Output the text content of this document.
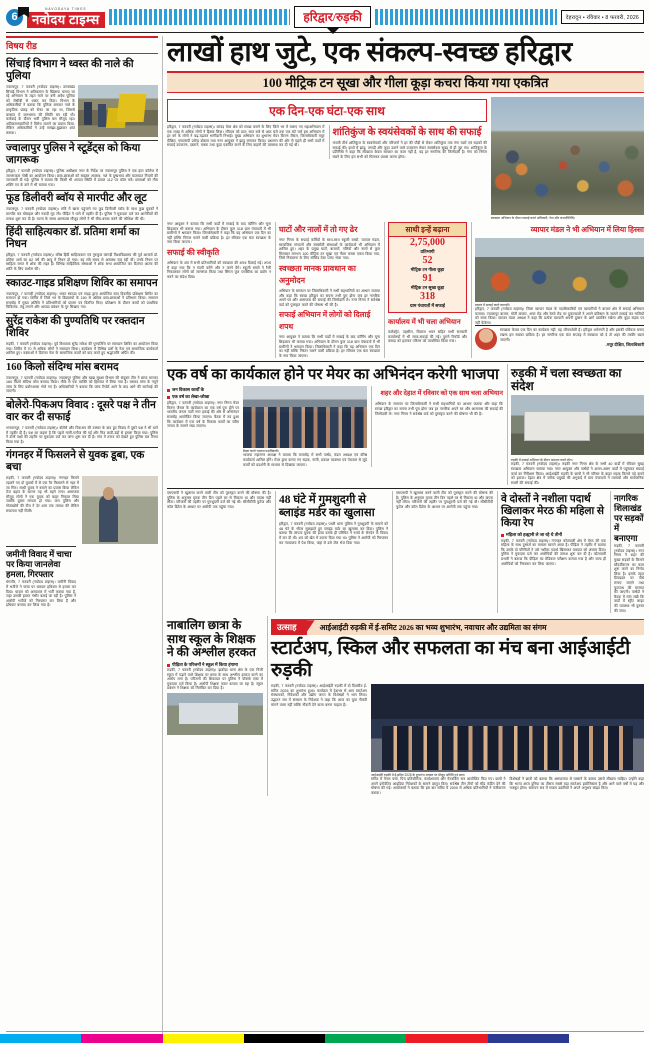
6
NAVODAYA TIMES
नवोदय टाइम्स	हरिद्वार/रुड़की	देहरादून • रविवार • 8 फरवरी, 2026
विषय रीड
सिंचाई विभाग ने ध्वस्त की नाले की पुलिया
ज्वालापुर, 7 फरवरी (नवोदय टाइम्स)। उत्तराखंड सिंचाई विभाग ने अतिक्रमण के खिलाफ चलाए जा रहे अभियान के तहत नाले पर बनी अवैध पुलिया को जेसीबी से ध्वस्त कर दिया। विभाग के अधिकारियों ने बताया कि पुलिया बनाकर नाले के प्राकृतिक प्रवाह को रोका जा रहा था, जिससे बरसात में जलभराव की स्थिति बन रही थी। कार्रवाई के दौरान भारी पुलिस बल मौजूद रहा। अतिक्रमणकारियों ने विरोध जताने का प्रयास किया, लेकिन अधिकारियों ने उन्हें समझा-बुझाकर शांत कराया।
ज्वालापुर पुलिस ने स्टूडेंट्स को किया जागरूक
हरिद्वार, 7 फरवरी (नवोदय टाइम्स)। पुलिस अधीक्षक नगर के निर्देश पर ज्वालापुर पुलिस ने एक इंटर कॉलेज में जागरूकता गोष्ठी का आयोजन किया। छात्र-छात्राओं को साइबर अपराध, नशे के दुष्प्रभाव और यातायात नियमों की जानकारी दी गई। पुलिस ने बताया कि किसी भी आपात स्थिति में डायल 112 पर कॉल करें। छात्राओं को गौरा शक्ति एप के बारे में भी बताया गया।
फूड डिलीवरी ब्वॉय से मारपीट और लूट
ज्वालापुर, 7 फरवरी (नवोदय टाइम्स)। रात्रि में खाना पहुंचाने गए फूड डिलीवरी ब्वॉय के साथ कुछ युवकों ने मारपीट कर मोबाइल और नकदी लूट ली। पीड़ित ने थाने में तहरीर दी है। पुलिस ने मुकदमा दर्ज कर आरोपियों की तलाश शुरू कर दी है। घटना के समय आसपास मौजूद लोगों ने भी बीच-बचाव करने की कोशिश की थी।
हिंदी साहित्यकार डॉ. प्रतिमा शर्मा का निधन
हरिद्वार, 7 फरवरी (नवोदय टाइम्स)। वरिष्ठ हिंदी साहित्यकार एवं गुरुकुल कांगड़ी विश्वविद्यालय की पूर्व आचार्य डॉ. प्रतिमा शर्मा का 82 वर्ष की आयु में निधन हो गया। वह लंबे समय से अस्वस्थ चल रही थीं। उनके निधन पर साहित्य जगत में शोक की लहर है। विभिन्न साहित्यिक संस्थाओं ने शोक सभा आयोजित कर दिवंगत आत्मा की शांति के लिए प्रार्थना की।
स्काउट-गाइड प्रशिक्षण शिविर का समापन
ज्वालापुर, 7 फरवरी (नवोदय टाइम्स)। भारत स्काउट एवं गाइड द्वारा आयोजित सात दिवसीय प्रशिक्षण शिविर का समापन हो गया। शिविर में जिले भर के विद्यालयों के 150 से अधिक छात्र-छात्राओं ने प्रतिभाग किया। समापन समारोह में मुख्य अतिथि ने प्रतिभागियों को प्रमाण पत्र वितरित किए। प्रशिक्षण के दौरान बच्चों को प्राथमिक चिकित्सा, तंबू लगाने और आपदा प्रबंधन के गुर सिखाए गए।
सुरेंद्र राकेश की पुण्यतिथि पर रक्तदान शिविर
रुड़की, 7 फरवरी (नवोदय टाइम्स)। पूर्व विधायक सुरेंद्र राकेश की पुण्यतिथि पर रक्तदान शिविर का आयोजन किया गया। शिविर में 70 से अधिक लोगों ने रक्तदान किया। कार्यक्रम में विभिन्न दलों के नेता एवं सामाजिक कार्यकर्ता शामिल हुए। वक्ताओं ने दिवंगत नेता के सामाजिक कार्यों को याद करते हुए श्रद्धांजलि अर्पित की।
160 किलो संदिग्ध मांस बरामद
ज्वालापुर, 7 फरवरी (नवोदय टाइम्स)। ज्वालापुर पुलिस और खाद्य सुरक्षा विभाग की संयुक्त टीम ने छापा मारकर 160 किलो संदिग्ध मांस बरामद किया। मौके से एक व्यक्ति को हिरासत में लिया गया है। बरामद मांस के नमूने जांच के लिए प्रयोगशाला भेजे गए हैं। अधिकारियों ने बताया कि जांच रिपोर्ट आने के बाद आगे की कार्रवाई की जाएगी।
बोलेरो-पिकअप विवाद : दूसरे पक्ष ने तीन वार कर दी सफाई
भगवानपुर, 7 फरवरी (नवोदय टाइम्स)। बोलेरो और पिकअप की टक्कर के बाद हुए विवाद में दूसरे पक्ष ने भी थाने में तहरीर दी है। पक्ष का कहना है कि पहले गाली-गलौज की गई और फिर लाठी-डंडों से हमला किया गया। पुलिस ने दोनों पक्षों की तहरीर पर मुकदमा दर्ज कर जांच शुरू कर दी है। गांव में तनाव को देखते हुए पुलिस बल तैनात किया गया है।
गंगनहर में फिसलने से युवक डूबा, एक बचा
रुड़की, 7 फरवरी (नवोदय टाइम्स)। गंगनहर किनारे टहलने गए दो युवकों में से एक पैर फिसलने से नहर में जा गिरा। साथी युवक ने बचाने का प्रयास किया लेकिन तेज बहाव के कारण वह भी बहने लगा। आसपास मौजूद लोगों ने एक युवक को बाहर निकाल लिया जबकि दूसरा लापता हो गया। जल पुलिस और गोताखोरों की टीम ने देर शाम तक तलाश की लेकिन सफलता नहीं मिली।
जमीनी विवाद में चाचा पर किया जानलेवा हमला, गिरफ्तार
मंगलौर, 7 फरवरी (नवोदय टाइम्स)। जमीनी विवाद में भतीजे ने चाचा पर धारदार हथियार से हमला कर दिया। घायल को अस्पताल में भर्ती कराया गया है, जहां उसकी हालत गंभीर बताई जा रही है। पुलिस ने आरोपी भतीजे को गिरफ्तार कर लिया है और हथियार बरामद कर लिया गया है।
लाखों हाथ जुटे, एक संकल्प-स्वच्छ हरिद्वार
100 मीट्रिक टन सूखा और गीला कूड़ा कचरा किया गया एकत्रित
एक दिन-एक घंटा-एक साथ
हरिद्वार, 7 फरवरी (नवोदय टाइम्स)। कांवड़ मेला क्षेत्र को स्वच्छ बनाने के लिए जिले भर में चलाए गए महाअभियान में एक लाख से अधिक लोगों ने हिस्सा लिया। रविवार को प्रात: सात बजे से आठ बजे तक एक घंटे चले इस अभियान में हर वर्ग के लोगों ने बढ़-चढ़कर भागीदारी निभाई। मुख्य अभियान का शुभारंभ मेयर किरण जैसल, जिलाधिकारी मयूर दीक्षित, एसएसपी प्रमेन्द्र डोबाल तथा नगर आयुक्त ने झाड़ू लगाकर किया। प्रशासन की ओर से पहले ही सभी वार्डों में सफाई उपकरण, दस्ताने, मास्क तथा कूड़ा एकत्रित करने के लिए वाहनों की व्यवस्था कर दी गई थी।
शांतिकुंज के स्वयंसेवकों के साथ की सफाई
गायत्री तीर्थ शांतिकुंज के स्वयंसेवकों और परिजनों ने हर की पौड़ी से लेकर शांतिकुंज तक गंगा घाटों एवं सड़कों की सफाई की। हाथों में झाड़ू, तगाड़ी और कूड़ा उठाने वाले उपकरण लेकर स्वयंसेवक सुबह से ही जुट गए। शांतिकुंज के प्रतिनिधि ने कहा कि स्वच्छता केवल सरकार का काम नहीं है, यह हर नागरिक की जिम्मेदारी है। गंगा को निर्मल रखने के लिए हम सभी को मिलकर प्रयास करना होगा।
स्वच्छता अभियान के दौरान सफाई करते अधिकारी, नेता और जनप्रतिनिधि।
नगर आयुक्त ने बताया कि सभी वार्डों में सफाई के बाद फॉगिंग और चूना छिड़काव भी कराया गया। अभियान के दौरान कुल 318 ग्राम पंचायतों में भी ग्रामीणों ने श्रमदान किया। जिलाधिकारी ने कहा कि यह अभियान एक दिन का नहीं बल्कि निरंतर चलने वाली प्रक्रिया है। हर रविवार एक घंटा स्वच्छता के नाम किया जाएगा।
सफाई की स्वीकृति
अभियान के अंत में सभी प्रतिभागियों को स्वच्छता की शपथ दिलाई गई। शपथ में कहा गया कि न गंदगी करेंगे और न करने देंगे। स्कूली बच्चों ने रैली निकालकर लोगों को जागरूक किया तथा सिंगल यूज प्लास्टिक का प्रयोग न करने का संदेश दिया।
घाटों और नालों में तो गए ढेर
नगर निगम के सफाई कर्मियों के साथ-साथ स्कूली बच्चों, व्यापार मंडल, सामाजिक संगठनों और स्वयंसेवी संस्थाओं के कार्यकर्ता भी अभियान में शामिल हुए। शहर के प्रमुख घाटों, बाजारों, गलियों और नालों से कुल मिलाकर लगभग 100 मीट्रिक टन सूखा एवं गीला कचरा एकत्र किया गया, जिसे निस्तारण के लिए सॉलिड वेस्ट प्लांट भेजा गया।
स्वच्छता मानक प्रावधान का अनुमोदन
अभियान के समापन पर जिलाधिकारी ने सभी सहभागियों का आभार जताया और कहा कि स्वच्छ हरिद्वार का सपना तभी पूरा होगा जब हर नागरिक अपने घर और आसपास की सफाई की जिम्मेदारी ले। नगर निगम ने सर्वश्रेष्ठ वार्ड को पुरस्कृत करने की घोषणा भी की है।
सफाई अभियान में लोगों को दिलाई शपथ
नगर आयुक्त ने बताया कि सभी वार्डों में सफाई के बाद फॉगिंग और चूना छिड़काव भी कराया गया। अभियान के दौरान कुल 318 ग्राम पंचायतों में भी ग्रामीणों ने श्रमदान किया। जिलाधिकारी ने कहा कि यह अभियान एक दिन का नहीं बल्कि निरंतर चलने वाली प्रक्रिया है। हर रविवार एक घंटा स्वच्छता के नाम किया जाएगा।
साथी इन्हें बढ़ाना
2,75,000
प्रतिभागी
52
मीट्रिक टन गीला कूड़ा
91
मीट्रिक टन सूखा कूड़ा
318
ग्राम पंचायतों में सफाई
कार्यालय में भी चला अभियान
कलेक्ट्रेट, तहसील, विकास भवन सहित सभी सरकारी कार्यालयों में भी साफ-सफाई की गई। पुराने रिकॉर्ड और कबाड़ को हटाकर परिसर को व्यवस्थित किया गया।
व्यापार मंडल ने भी अभियान में लिया हिस्सा
बाजार में सफाई करते व्यापारी।
हरिद्वार, 7 फरवरी (नवोदय टाइम्स)। जिला व्यापार मंडल के पदाधिकारियों एवं व्यापारियों ने बाजार क्षेत्र में सफाई अभियान चलाया। ज्वालापुर बाजार, मोती बाजार, अपर रोड और रेलवे रोड पर दुकानदारों ने अपने प्रतिष्ठान के सामने सफाई कर नालियों को साफ किया। व्यापार मंडल अध्यक्ष ने कहा कि प्रत्येक व्यापारी अपनी दुकान के आगे डस्टबिन रखेगा और कूड़ा सड़क पर नहीं फेंकेगा।
स्वच्छता केवल एक दिन का कार्यक्रम नहीं, यह जीवनशैली है। हरिद्वार धर्मनगरी है और इसकी पवित्रता बनाए रखना हम सबका दायित्व है। हर नागरिक एक घंटा सप्ताह में स्वच्छता को दे तो शहर की तस्वीर बदल जाएगी।
-मयूर दीक्षित, जिलाधिकारी
एक वर्ष का कार्यकाल होने पर मेयर का अभिनंदन करेगी भाजपा
जन विकास कार्यों के
एक वर्ष का लेखा-जोखा
हरिद्वार, 7 फरवरी (नवोदय टाइम्स)। नगर निगम मेयर किरण जैसल के कार्यकाल का एक वर्ष पूरा होने पर भारतीय जनता पार्टी नगर इकाई की ओर से अभिनंदन समारोह आयोजित किया जाएगा। बैठक में तय हुआ कि कार्यक्रम में एक वर्ष के विकास कार्यों का ब्यौरा जनता के सामने रखा जाएगा।
बैठक करते भाजपा पदाधिकारी।
भाजपा महानगर अध्यक्ष ने बताया कि समारोह में सभी पार्षद, मंडल अध्यक्ष एवं वरिष्ठ कार्यकर्ता शामिल होंगे। मेयर द्वारा कराए गए सड़क, नाली, प्रकाश व्यवस्था एवं पेयजल से जुड़े कार्यों को प्रदर्शनी के माध्यम से दिखाया जाएगा।
शहर और देहात में रविवार को एक साथ चला अभियान
अभियान के समापन पर जिलाधिकारी ने सभी सहभागियों का आभार जताया और कहा कि स्वच्छ हरिद्वार का सपना तभी पूरा होगा जब हर नागरिक अपने घर और आसपास की सफाई की जिम्मेदारी ले। नगर निगम ने सर्वश्रेष्ठ वार्ड को पुरस्कृत करने की घोषणा भी की है।
रुड़की में चला स्वच्छता का संदेश
रुड़की में सफाई अभियान के दौरान श्रमदान करते लोग।
रुड़की, 7 फरवरी (नवोदय टाइम्स)। रुड़की नगर निगम क्षेत्र के सभी 40 वार्डों में रविवार सुबह स्वच्छता अभियान चलाया गया। नगर आयुक्त और पार्षदों ने अलग-अलग वार्डों में पहुंचकर सफाई कार्य का निरीक्षण किया। आईआईटी रुड़की के छात्रों ने भी परिसर के बाहर सड़क किनारे पड़े कचरे को हटाया। देहात क्षेत्र में ब्लॉक प्रमुखों की अगुवाई में ग्राम पंचायतों ने तालाबों और सार्वजनिक स्थलों की सफाई की।
एसएसपी ने खुलासा करने वाली टीम को पुरस्कृत करने की घोषणा की है। पुलिस के अनुसार मृतक तीन दिन पहले घर से निकला था और वापस नहीं लौटा। परिजनों की तहरीर पर गुमशुदगी दर्ज की गई थी। सीसीटीवी फुटेज और कॉल डिटेल के आधार पर आरोपी तक पहुंचा गया।
48 घंटे में गुमशुदगी से ब्लाइंड मर्डर का खुलासा
हरिद्वार, 7 फरवरी (नवोदय टाइम्स)। पथरी थाना पुलिस ने गुमशुदगी के मामले को 48 घंटे के भीतर सुलझाते हुए ब्लाइंड मर्डर का खुलासा कर दिया। पुलिस ने बताया कि लापता युवक की हत्या उसके ही परिचित ने रुपये के लेनदेन के विवाद में कर दी थी। शव को खेत में दफना दिया गया था। पुलिस ने आरोपी को गिरफ्तार कर न्यायालय में पेश किया, जहां से उसे जेल भेज दिया गया।
एसएसपी ने खुलासा करने वाली टीम को पुरस्कृत करने की घोषणा की है। पुलिस के अनुसार मृतक तीन दिन पहले घर से निकला था और वापस नहीं लौटा। परिजनों की तहरीर पर गुमशुदगी दर्ज की गई थी। सीसीटीवी फुटेज और कॉल डिटेल के आधार पर आरोपी तक पहुंचा गया।
वे दोस्तों ने नशीला पदार्थ खिलाकर मेरठ की महिला से किया रेप
महिला को हल्द्वानी ले जा रहे थे तीनों
रुड़की, 7 फरवरी (नवोदय टाइम्स)। गंगनहर कोतवाली क्षेत्र में मेरठ की एक महिला के साथ दुष्कर्म का मामला सामने आया है। पीड़िता ने तहरीर में बताया कि उसके दो परिचितों ने उसे नशीला पदार्थ खिलाकर वारदात को अंजाम दिया। पुलिस ने मुकदमा दर्ज कर आरोपियों की तलाश शुरू कर दी है। कोतवाली प्रभारी ने बताया कि पीड़िता का मेडिकल परीक्षण कराया गया है और जल्द ही आरोपियों को गिरफ्तार कर लिया जाएगा।
नागरिक शिलाखंड पर सड़कों में बनाएगा
रुड़की, 7 फरवरी (नवोदय टाइम्स)। नगर निगम ने शहर की मुख्य सड़कों के किनारे सौंदर्यीकरण का काम शुरू करने का निर्णय लिया है। इसके तहत डिवाइडर पर पौधे लगाए जाएंगे तथा फुटपाथ की मरम्मत की जाएगी। पार्षदों ने बैठक में मांग रखी कि वार्डों में स्ट्रीट लाइट की व्यवस्था भी दुरुस्त की जाए।
नाबालिग छात्रा के साथ स्कूल के शिक्षक ने की अश्लील हरकत
पीड़िता के परिजनों ने स्कूल में किया हंगामा
रुड़की, 7 फरवरी (नवोदय टाइम्स)। झबरेड़ा थाना क्षेत्र के एक निजी स्कूल में पढ़ाने वाले शिक्षक पर छात्रा के साथ अश्लील हरकत करने का आरोप लगा है। परिजनों की शिकायत पर पुलिस ने पॉक्सो एक्ट में मुकदमा दर्ज किया है। आरोपी शिक्षक फरार बताया जा रहा है। स्कूल प्रबंधन ने शिक्षक को निलंबित कर दिया है।
उत्साह	आईआईटी रुड़की में ई-समिट 2026 का भव्य शुभारंभ, नवाचार और उद्यमिता का संगम
स्टार्टअप, स्किल और सफलता का मंच बना आईआईटी रुड़की
रुड़की, 7 फरवरी (नवोदय टाइम्स)। आईआईटी रुड़की में दो दिवसीय ई-समिट 2026 का शुभारंभ हुआ। कार्यक्रम में देशभर से आए स्टार्टअप संस्थापकों, निवेशकों और उद्योग जगत के विशेषज्ञों ने भाग लिया। उद्घाटन सत्र में संस्थान के निदेशक ने कहा कि आज का युवा नौकरी मांगने वाला नहीं बल्कि नौकरी देने वाला बनना चाहता है।
आईआईटी रुड़की में ई-समिट 2026 के शुभारंभ अवसर पर मौजूद अतिथि एवं छात्र।
समिट में पैनल चर्चा, पिच प्रतियोगिता, कार्यशालाएं और नेटवर्किंग सत्र आयोजित किए गए। छात्रों ने अपने इनोवेटिव आइडिया निवेशकों के सामने प्रस्तुत किए। सर्वश्रेष्ठ तीन टीमों को सीड फंडिंग देने की घोषणा की गई। आयोजकों ने बताया कि इस बार समिट में 2000 से अधिक प्रतिभागियों ने पंजीकरण कराया।
विशेषज्ञों ने छात्रों को बताया कि असफलता से घबराने के बजाय उससे सीखना चाहिए। उन्होंने कहा कि भारत आज दुनिया का तीसरा सबसे बड़ा स्टार्टअप इकोसिस्टम है और आने वाले वर्षों में यह और मजबूत होगा। समापन सत्र में सफल उद्यमियों ने अपने अनुभव साझा किए।
